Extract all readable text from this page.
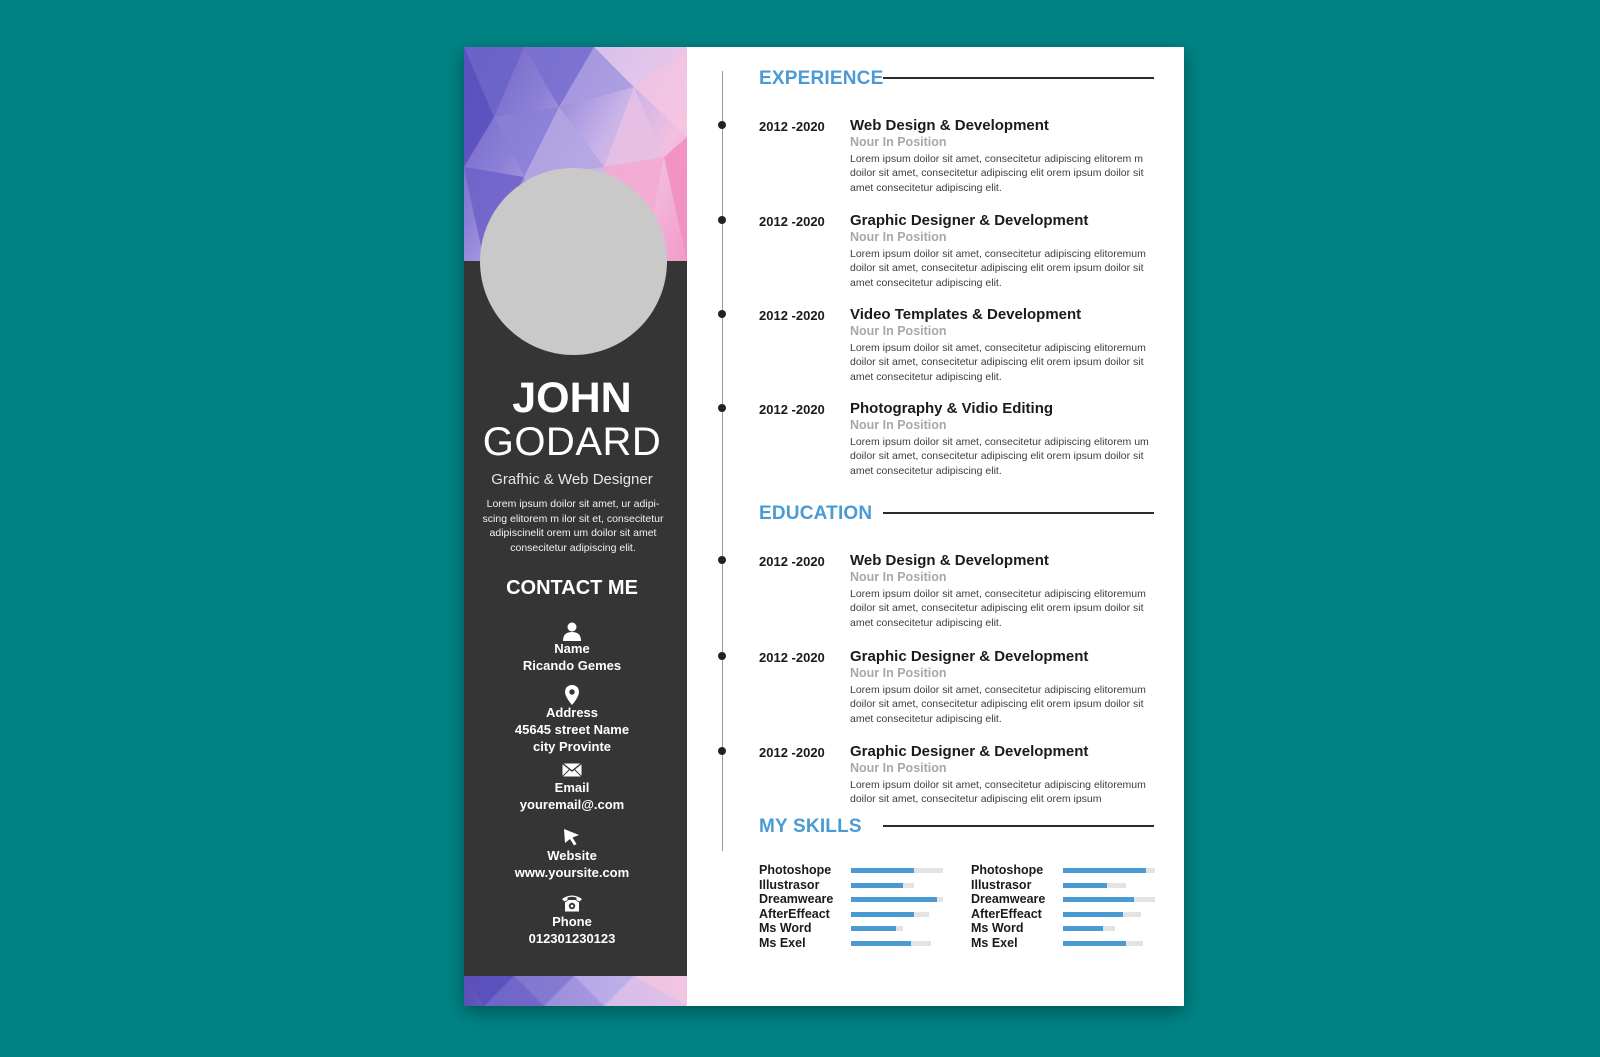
JOHN
GODARD
Grafhic & Web Designer
Lorem ipsum doilor sit amet, ur adipi-scing elitorem m ilor sit et, consecitetur adipiscinelit orem um doilor sit amet consecitetur adipiscing elit.
CONTACT ME
Name
Ricando Gemes
Address
45645 street Name
city Provinte
Email
youremail@.com
Website
www.yoursite.com
Phone
012301230123
EXPERIENCE
2012 -2020 Web Design & Development
Nour In Position
Lorem ipsum doilor sit amet, consecitetur adipiscing elitorem m doilor sit amet, consecitetur adipiscing elit orem ipsum doilor sit amet consecitetur adipiscing elit.
2012 -2020 Graphic Designer & Development
Nour In Position
Lorem ipsum doilor sit amet, consecitetur adipiscing elitoremum doilor sit amet, consecitetur adipiscing elit orem ipsum doilor sit amet consecitetur adipiscing elit.
2012 -2020 Video Templates & Development
Nour In Position
Lorem ipsum doilor sit amet, consecitetur adipiscing elitoremum doilor sit amet, consecitetur adipiscing elit orem ipsum doilor sit amet consecitetur adipiscing elit.
2012 -2020 Photography & Vidio Editing
Nour In Position
Lorem ipsum doilor sit amet, consecitetur adipiscing elitorem um doilor sit amet, consecitetur adipiscing elit orem ipsum doilor sit amet consecitetur adipiscing elit.
EDUCATION
2012 -2020 Web Design & Development
Nour In Position
Lorem ipsum doilor sit amet, consecitetur adipiscing elitoremum doilor sit amet, consecitetur adipiscing elit orem ipsum doilor sit amet consecitetur adipiscing elit.
2012 -2020 Graphic Designer & Development
Nour In Position
Lorem ipsum doilor sit amet, consecitetur adipiscing elitoremum doilor sit amet, consecitetur adipiscing elit orem ipsum doilor sit amet consecitetur adipiscing elit.
2012 -2020 Graphic Designer & Development
Nour In Position
Lorem ipsum doilor sit amet, consecitetur adipiscing elitoremum doilor sit amet, consecitetur adipiscing elit orem ipsum
MY SKILLS
Photoshope
Illustrasor
Dreamweare
AfterEffeact
Ms Word
Ms Exel
Photoshope
Illustrasor
Dreamweare
AfterEffeact
Ms Word
Ms Exel
